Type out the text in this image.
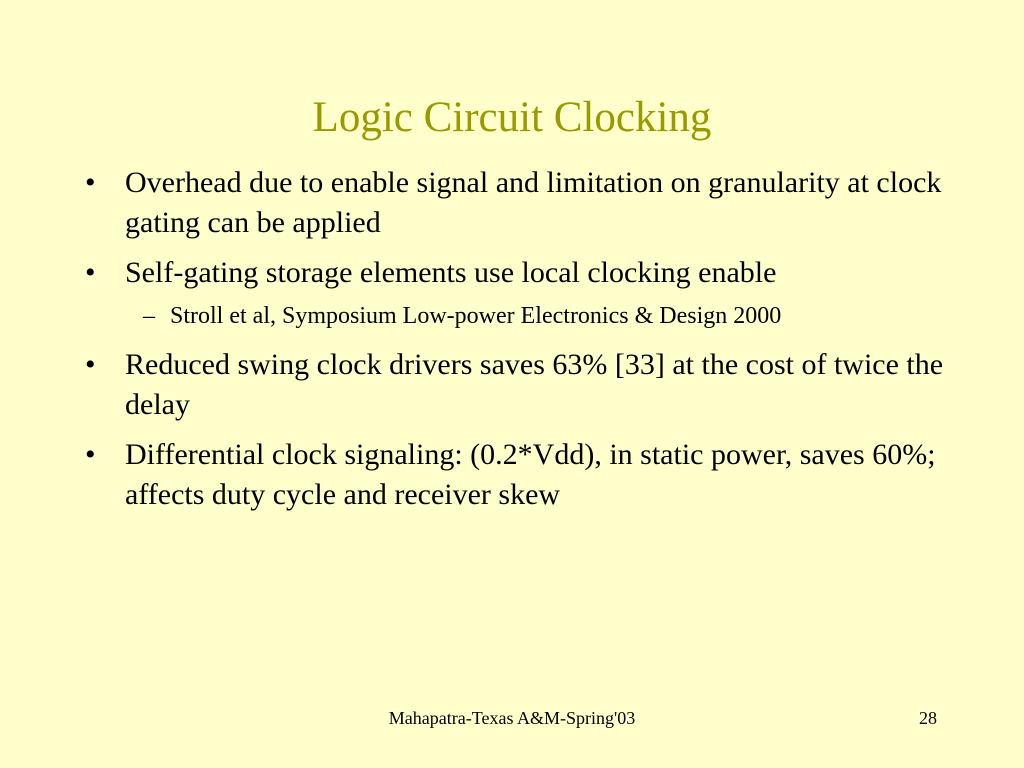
Logic Circuit Clocking
• Overhead due to enable signal and limitation on granularity at clock gating can be applied
• Self-gating storage elements use local clocking enable
– Stroll et al, Symposium Low-power Electronics & Design 2000
• Reduced swing clock drivers saves 63% [33] at the cost of twice the delay
• Differential clock signaling: (0.2*Vdd), in static power, saves 60%; affects duty cycle and receiver skew
Mahapatra-Texas A&M-Spring'03	28
